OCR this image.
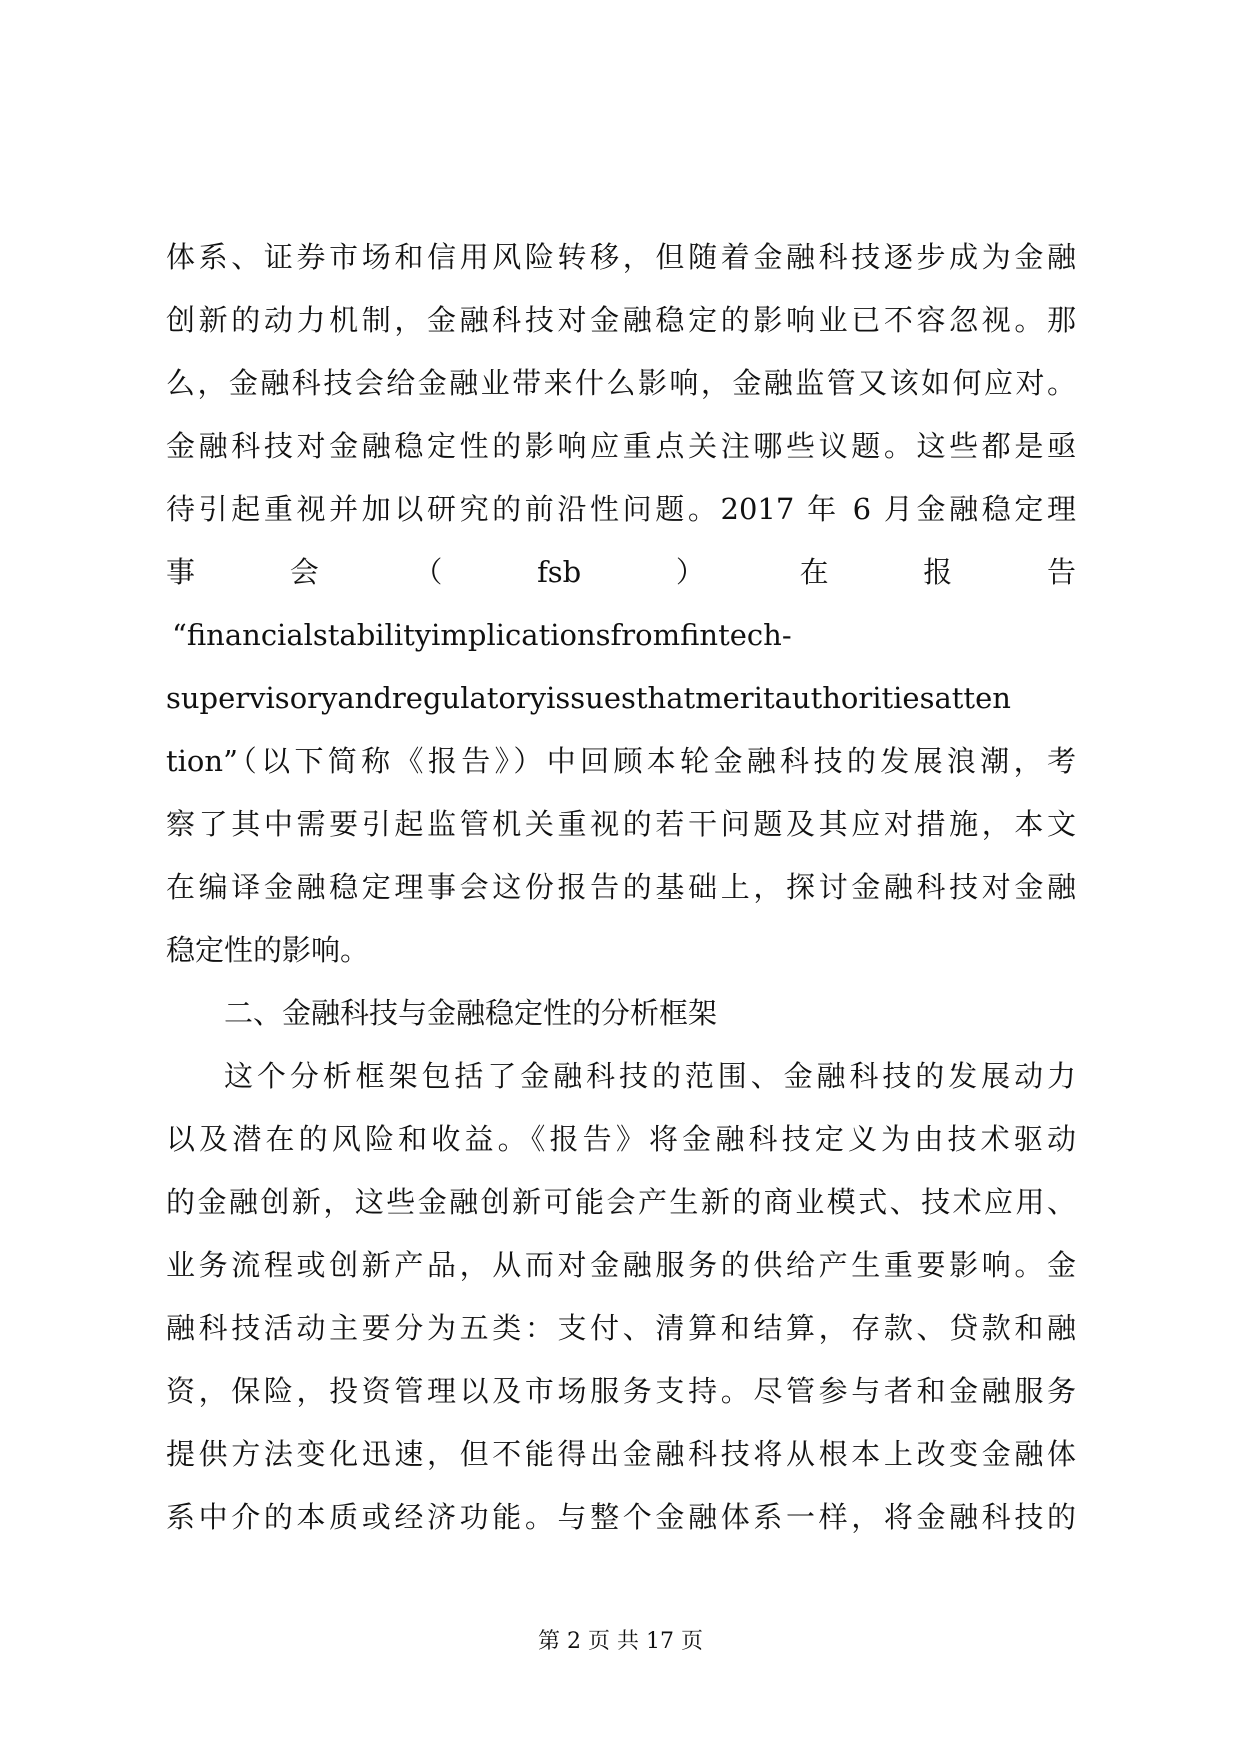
体系、证券市场和信用风险转移，但随着金融科技逐步成为金融
创新的动力机制，金融科技对金融稳定的影响业已不容忽视。那
么，金融科技会给金融业带来什么影响，金融监管又该如何应对。
金融科技对金融稳定性的影响应重点关注哪些议题。这些都是亟
待引起重视并加以研究的前沿性问题。2017 年 6 月金融稳定理
事	会	（	fsb	）	在	报	告
“financialstabilityimplicationsfromfintech-
supervisoryandregulatoryissuesthatmeritauthoritiesatten
tion”（以下简称《报告》）中回顾本轮金融科技的发展浪潮，考
察了其中需要引起监管机关重视的若干问题及其应对措施，本文
在编译金融稳定理事会这份报告的基础上，探讨金融科技对金融
稳定性的影响。
二、金融科技与金融稳定性的分析框架
这个分析框架包括了金融科技的范围、金融科技的发展动力
以及潜在的风险和收益。《报告》将金融科技定义为由技术驱动
的金融创新，这些金融创新可能会产生新的商业模式、技术应用、
业务流程或创新产品，从而对金融服务的供给产生重要影响。金
融科技活动主要分为五类：支付、清算和结算，存款、贷款和融
资，保险，投资管理以及市场服务支持。尽管参与者和金融服务
提供方法变化迅速，但不能得出金融科技将从根本上改变金融体
系中介的本质或经济功能。与整个金融体系一样，将金融科技的
第 2 页 共 17 页
